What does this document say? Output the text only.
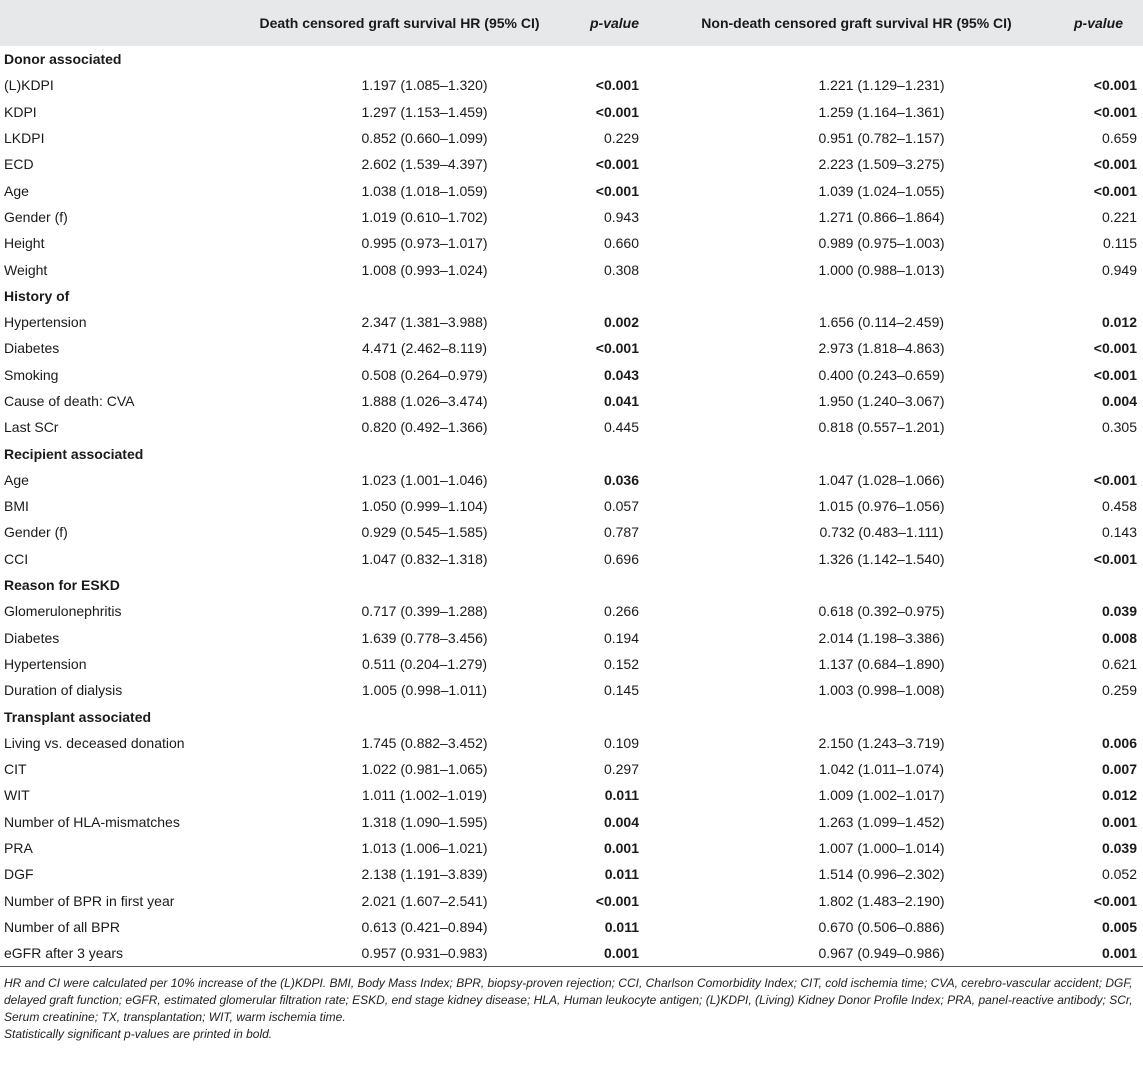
	Death censored graft survival HR (95% CI)	p-value	Non-death censored graft survival HR (95% CI)	p-value
Donor associated				
(L)KDPI	1.197 (1.085–1.320)	<0.001	1.221 (1.129–1.231)	<0.001
KDPI	1.297 (1.153–1.459)	<0.001	1.259 (1.164–1.361)	<0.001
LKDPI	0.852 (0.660–1.099)	0.229	0.951 (0.782–1.157)	0.659
ECD	2.602 (1.539–4.397)	<0.001	2.223 (1.509–3.275)	<0.001
Age	1.038 (1.018–1.059)	<0.001	1.039 (1.024–1.055)	<0.001
Gender (f)	1.019 (0.610–1.702)	0.943	1.271 (0.866–1.864)	0.221
Height	0.995 (0.973–1.017)	0.660	0.989 (0.975–1.003)	0.115
Weight	1.008 (0.993–1.024)	0.308	1.000 (0.988–1.013)	0.949
History of				
Hypertension	2.347 (1.381–3.988)	0.002	1.656 (0.114–2.459)	0.012
Diabetes	4.471 (2.462–8.119)	<0.001	2.973 (1.818–4.863)	<0.001
Smoking	0.508 (0.264–0.979)	0.043	0.400 (0.243–0.659)	<0.001
Cause of death: CVA	1.888 (1.026–3.474)	0.041	1.950 (1.240–3.067)	0.004
Last SCr	0.820 (0.492–1.366)	0.445	0.818 (0.557–1.201)	0.305
Recipient associated				
Age	1.023 (1.001–1.046)	0.036	1.047 (1.028–1.066)	<0.001
BMI	1.050 (0.999–1.104)	0.057	1.015 (0.976–1.056)	0.458
Gender (f)	0.929 (0.545–1.585)	0.787	0.732 (0.483–1.111)	0.143
CCI	1.047 (0.832–1.318)	0.696	1.326 (1.142–1.540)	<0.001
Reason for ESKD				
Glomerulonephritis	0.717 (0.399–1.288)	0.266	0.618 (0.392–0.975)	0.039
Diabetes	1.639 (0.778–3.456)	0.194	2.014 (1.198–3.386)	0.008
Hypertension	0.511 (0.204–1.279)	0.152	1.137 (0.684–1.890)	0.621
Duration of dialysis	1.005 (0.998–1.011)	0.145	1.003 (0.998–1.008)	0.259
Transplant associated				
Living vs. deceased donation	1.745 (0.882–3.452)	0.109	2.150 (1.243–3.719)	0.006
CIT	1.022 (0.981–1.065)	0.297	1.042 (1.011–1.074)	0.007
WIT	1.011 (1.002–1.019)	0.011	1.009 (1.002–1.017)	0.012
Number of HLA-mismatches	1.318 (1.090–1.595)	0.004	1.263 (1.099–1.452)	0.001
PRA	1.013 (1.006–1.021)	0.001	1.007 (1.000–1.014)	0.039
DGF	2.138 (1.191–3.839)	0.011	1.514 (0.996–2.302)	0.052
Number of BPR in first year	2.021 (1.607–2.541)	<0.001	1.802 (1.483–2.190)	<0.001
Number of all BPR	0.613 (0.421–0.894)	0.011	0.670 (0.506–0.886)	0.005
eGFR after 3 years	0.957 (0.931–0.983)	0.001	0.967 (0.949–0.986)	0.001
HR and CI were calculated per 10% increase of the (L)KDPI. BMI, Body Mass Index; BPR, biopsy-proven rejection; CCI, Charlson Comorbidity Index; CIT, cold ischemia time; CVA, cerebro-vascular accident; DGF, delayed graft function; eGFR, estimated glomerular filtration rate; ESKD, end stage kidney disease; HLA, Human leukocyte antigen; (L)KDPI, (Living) Kidney Donor Profile Index; PRA, panel-reactive antibody; SCr, Serum creatinine; TX, transplantation; WIT, warm ischemia time.
Statistically significant p-values are printed in bold.
